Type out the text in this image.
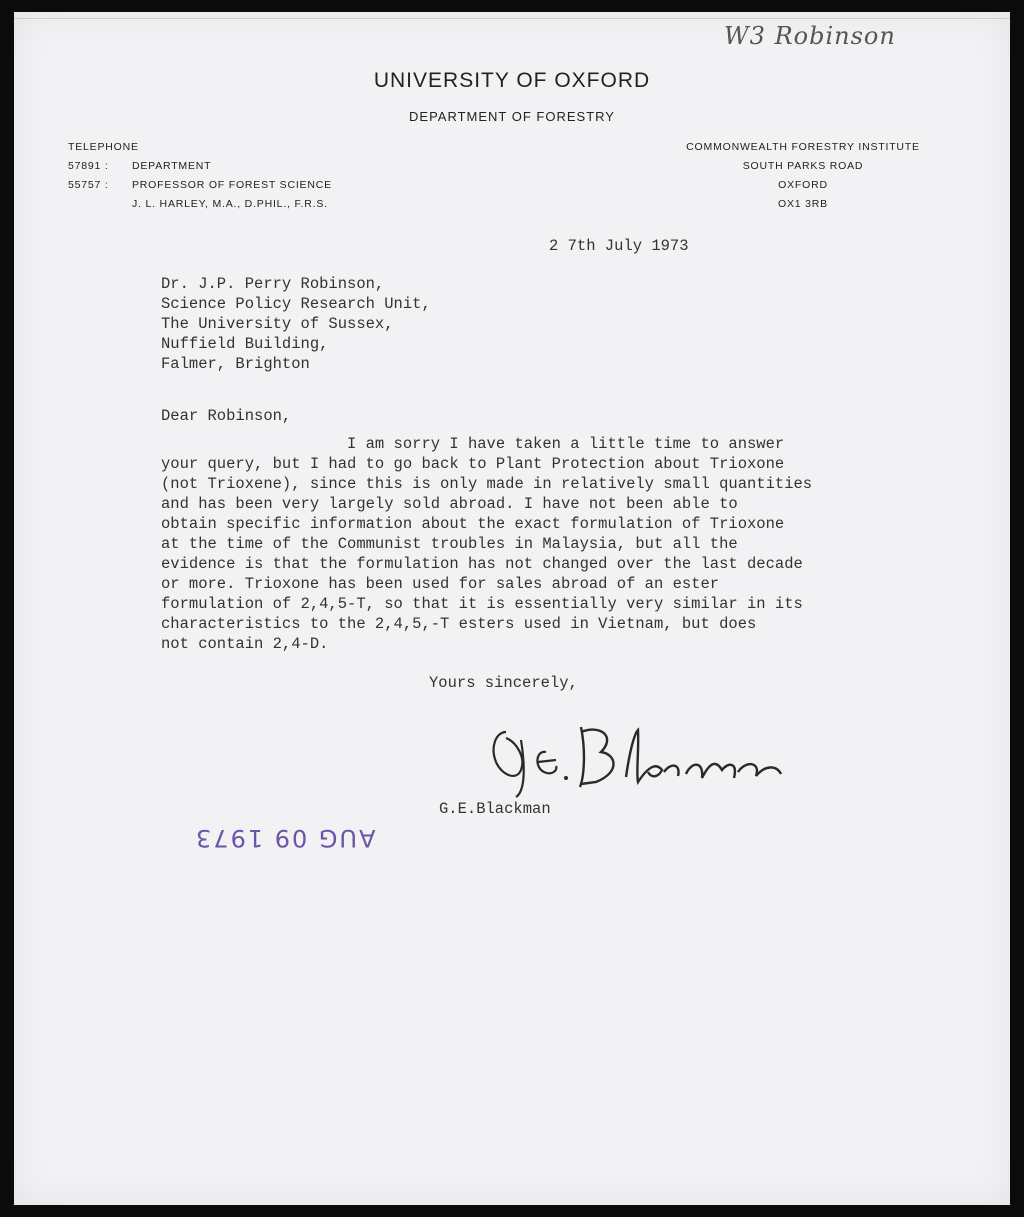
W3 Robinson
UNIVERSITY OF OXFORD
DEPARTMENT OF FORESTRY
TELEPHONE
57891 : DEPARTMENT
55757 : PROFESSOR OF FOREST SCIENCE
J. L. HARLEY, M.A., D.PHIL., F.R.S.
COMMONWEALTH FORESTRY INSTITUTE
SOUTH PARKS ROAD
OXFORD
OX1 3RB
2 7th July 1973
Dr. J.P. Perry Robinson,
Science Policy Research Unit,
The University of Sussex,
Nuffield Building,
Falmer, Brighton
Dear Robinson,
I am sorry I have taken a little time to answer
your query, but I had to go back to Plant Protection about Trioxone
(not Trioxene), since this is only made in relatively small quantities
and has been very largely sold abroad. I have not been able to
obtain specific information about the exact formulation of Trioxone
at the time of the Communist troubles in Malaysia, but all the
evidence is that the formulation has not changed over the last decade
or more. Trioxone has been used for sales abroad of an ester
formulation of 2,4,5-T, so that it is essentially very similar in its
characteristics to the 2,4,5,-T esters used in Vietnam, but does
not contain 2,4-D.
Yours sincerely,
G.E.Blackman
AUG 09 1973
